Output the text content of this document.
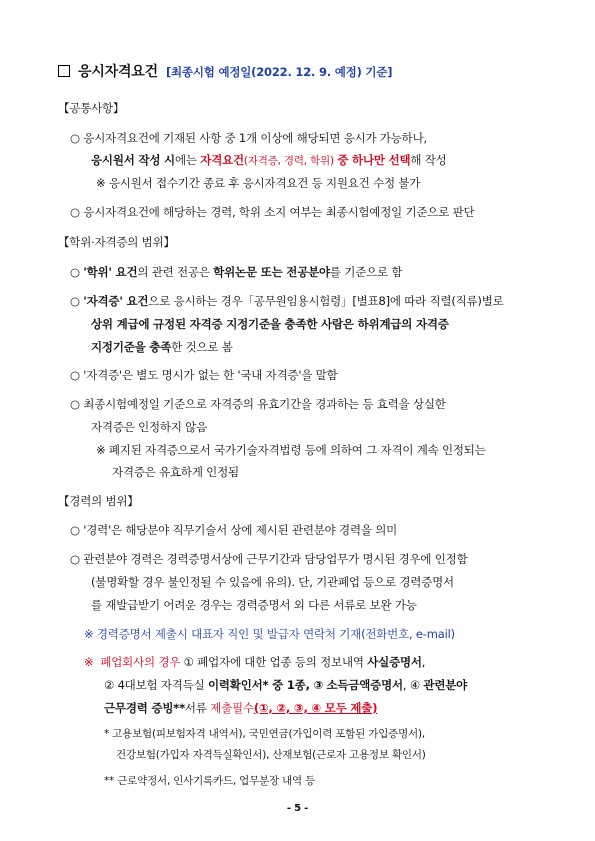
응시자격요건 [최종시험 예정일(2022. 12. 9. 예정) 기준]
【공통사항】
○ 응시자격요건에 기재된 사항 중 1개 이상에 해당되면 응시가 가능하나,
응시원서 작성 시에는 자격요건(자격증, 경력, 학위) 중 하나만 선택해 작성
※ 응시원서 접수기간 종료 후 응시자격요건 등 지원요건 수정 불가
○ 응시자격요건에 해당하는 경력, 학위 소지 여부는 최종시험예정일 기준으로 판단
【학위·자격증의 범위】
○ '학위' 요건의 관련 전공은 학위논문 또는 전공분야를 기준으로 함
○ '자격증' 요건으로 응시하는 경우「공무원임용시험령」[별표8]에 따라 직렬(직류)별로
상위 계급에 규정된 자격증 지정기준을 충족한 사람은 하위계급의 자격증
지정기준을 충족한 것으로 봄
○ '자격증'은 별도 명시가 없는 한 '국내 자격증'을 말함
○ 최종시험예정일 기준으로 자격증의 유효기간을 경과하는 등 효력을 상실한
자격증은 인정하지 않음
※ 폐지된 자격증으로서 국가기술자격법령 등에 의하여 그 자격이 계속 인정되는
자격증은 유효하게 인정됨
【경력의 범위】
○ '경력'은 해당분야 직무기술서 상에 제시된 관련분야 경력을 의미
○ 관련분야 경력은 경력증명서상에 근무기간과 담당업무가 명시된 경우에 인정함
(불명확할 경우 불인정될 수 있음에 유의). 단, 기관폐업 등으로 경력증명서
를 재발급받기 어려운 경우는 경력증명서 외 다른 서류로 보완 가능
※ 경력증명서 제출시 대표자 직인 및 발급자 연락처 기재(전화번호, e-mail)
※ 폐업회사의 경우 ① 폐업자에 대한 업종 등의 정보내역 사실증명서,
② 4대보험 자격득실 이력확인서* 중 1종, ③ 소득금액증명서, ④ 관련분야
근무경력 증빙**서류 제출필수(①, ②, ③, ④ 모두 제출)
* 고용보험(피보험자격 내역서), 국민연금(가입이력 포함된 가입증명서),
건강보험(가입자 자격득실확인서), 산재보험(근로자 고용정보 확인서)
** 근로약정서, 인사기록카드, 업무분장 내역 등
- 5 -
